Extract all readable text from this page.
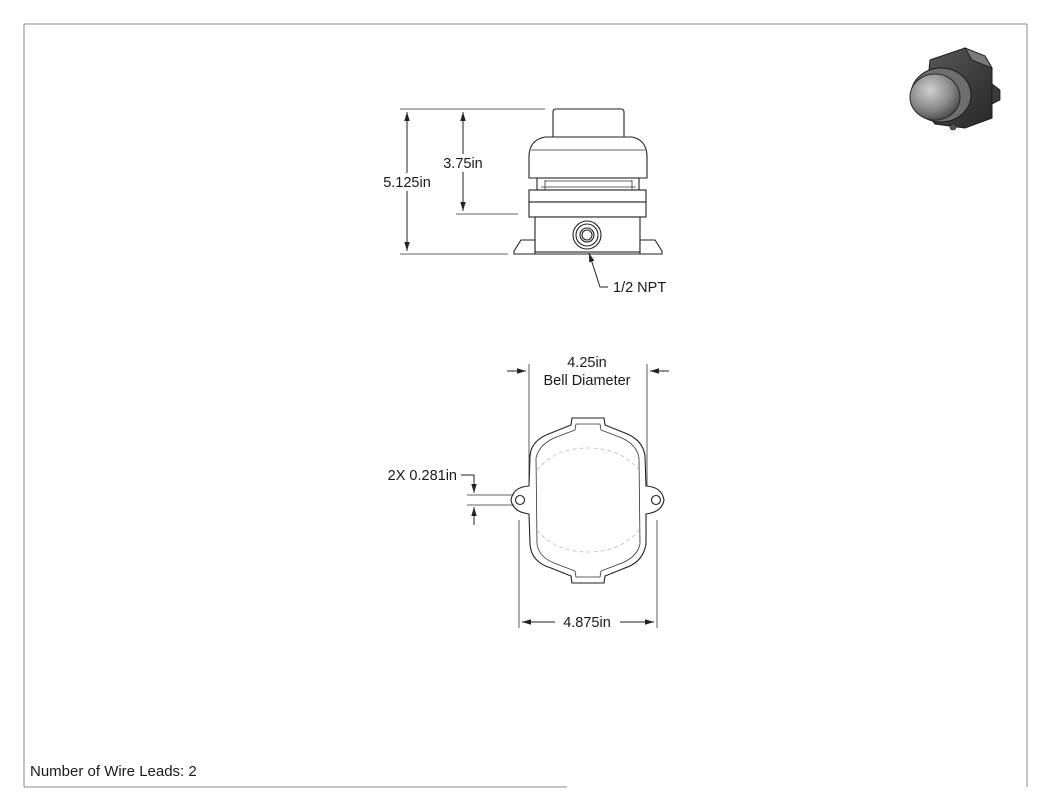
5.125in
3.75in
1/2 NPT
4.25in
Bell Diameter
2X 0.281in
4.875in
Number of Wire Leads: 2
